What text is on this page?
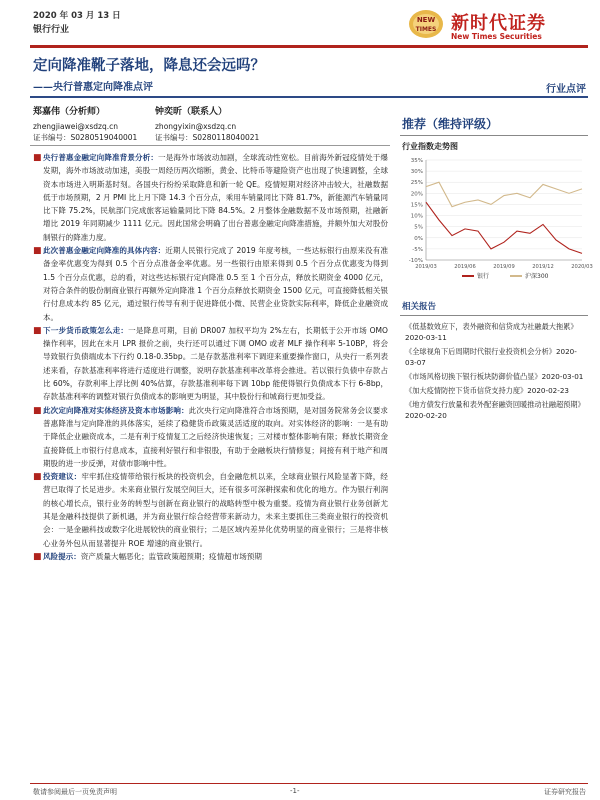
2020 年 03 月 13 日
银行行业
NEW
TIMES 新时代证券
New Times Securities
定向降准靴子落地，降息还会远吗？
——央行普惠定向降准点评	行业点评
郑嘉伟（分析师）
zhengjiawei@xsdzq.cn
证书编号：S0280519040001
钟奕昕（联系人）
zhongyixin@xsdzq.cn
证书编号：S0280118040021
推荐（维持评级）
行业指数走势图
35%
30%
25%
20%
15%
10%
5%
0%
-5%
-10%
2019/03	2019/06	2019/09	2019/12	2020/03
银行	沪深300
相关报告
《低基数效应下，表外融资和信贷成为社融最大拖累》2020-03-11
《全球视角下后周期时代银行业投资机会分析》2020-03-07
《市场风格切换下银行板块防御价值凸显》2020-03-01
《加大疫情防控下货币信贷支持力度》2020-02-23
《地方债发行放量和表外配套融资回暖推动社融超预期》2020-02-20
■ 央行普惠金融定向降准背景分析：一是海外市场波动加剧，全球流动性宽松。目前海外新冠疫情处于爆发期，海外市场波动加速，美股一周经历两次熔断，黄金、比特币等避险资产也出现了快速调整，全球资本市场进入明斯基时刻。各国央行纷纷采取降息和新一轮 QE。疫情短期对经济冲击较大，社融数据低于市场预期，2 月 PMI 比上月下降 14.3 个百分点，乘用车销量同比下降 81.7%，新能源汽车销量同比下降 75.2%，民航部门完成旅客运输量同比下降 84.5%。2 月整体金融数据不及市场预期，社融新增比 2019 年同期减少 1111 亿元。因此国常会明确了出台普惠金融定向降准措施，并额外加大对股份制银行的降准力度。
■ 此次普惠金融定向降准的具体内容：近期人民银行完成了 2019 年度考核，一些达标银行由原来没有准备金率优惠变为得到 0.5 个百分点准备金率优惠。另一些银行由原来得到 0.5 个百分点优惠变为得到 1.5 个百分点优惠，总的看，对这些达标银行定向降准 0.5 至 1 个百分点，释放长期资金 4000 亿元，对符合条件的股份制商业银行再额外定向降准 1 个百分点释放长期资金 1500 亿元，可直接降低相关银行付息成本约 85 亿元，通过银行传导有利于促进降低小微、民营企业贷款实际利率，降低企业融资成本。
■ 下一步货币政策怎么走：一是降息可期，目前 DR007 加权平均为 2%左右，长期低于公开市场 OMO 操作利率，因此在未月 LPR 报价之前，央行还可以通过下调 OMO 或者 MLF 操作利率 5-10BP，将会导致银行负债端成本下行约 0.18-0.35bp。二是存款基准利率下调迎来重要操作窗口，从央行一系列表述来看，存款基准利率将进行适度进行调整，说明存款基准利率改革将会推进。若以银行负债中存款占比 60%，存款利率上浮比例 40%估算，存款基准利率每下调 10bp 能使得银行负债成本下行 6-8bp，存款基准利率的调整对银行负债成本的影响更为明显，其中股份行和城商行更加受益。
■ 此次定向降准对实体经济及资本市场影响：此次央行定向降准符合市场预期，是对国务院常务会议要求普惠降准与定向降准的具体落实，延续了稳健货币政策灵活适度的取向。对实体经济的影响：一是有助于降低企业融资成本，二是有利于疫情复工之后经济快速恢复；三对楼市整体影响有限；释放长期资金直接降低上市银行付息成本，直接利好银行和非银股，有助于金融板块行情修复；间接有利于地产和周期股的进一步反弹，对债市影响中性。
■ 投资建议：牢牢抓住疫情带给银行板块的投资机会，自金融危机以来，全球商业银行风险显著下降，经营已取得了长足进步。未来商业银行发展空间巨大，还有很多可深耕探索和优化的地方。作为银行利润的核心增长点，银行业务的转型与创新在商业银行的战略转型中极为重要。疫情为商业银行业务创新尤其是金融科技提供了新机遇，并为商业银行综合经营带来新动力，未来主要抓住三类商业银行的投资机会：一是金融科技或数字化进展较快的商业银行；二是区域内差异化优势明显的商业银行；三是将非核心业务外包从而显著提升 ROE 增速的商业银行。
■ 风险提示：资产质量大幅恶化；监管政策超预期；疫情超市场预期
敬请参阅最后一页免责声明	-1-	证券研究报告
